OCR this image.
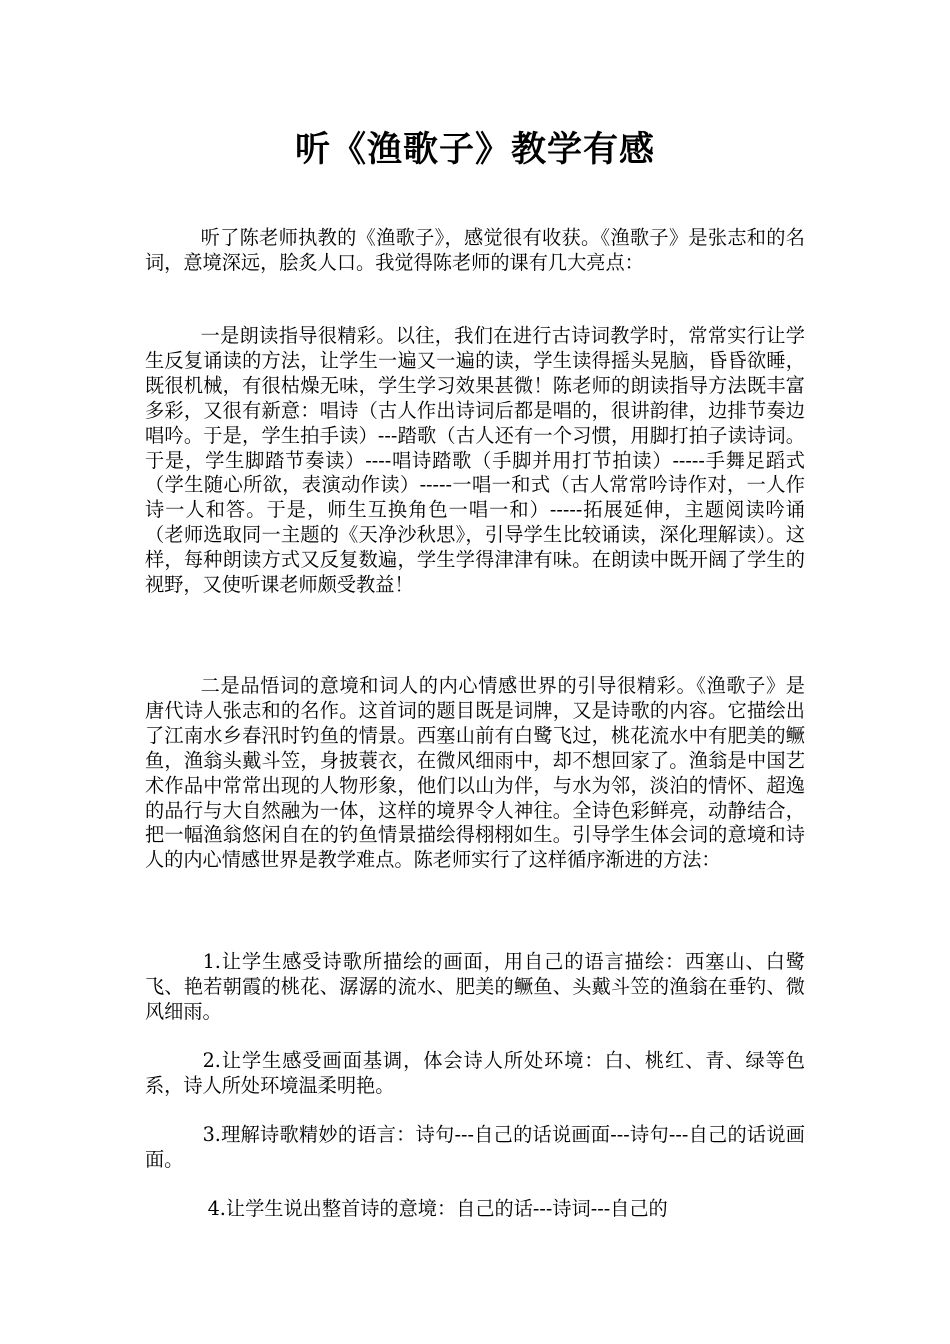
听《渔歌子》教学有感
听了陈老师执教的《渔歌子》，感觉很有收获。《渔歌子》是张志和的名词，意境深远，脍炙人口。我觉得陈老师的课有几大亮点：
一是朗读指导很精彩。以往，我们在进行古诗词教学时，常常实行让学生反复诵读的方法，让学生一遍又一遍的读，学生读得摇头晃脑，昏昏欲睡，既很机械，有很枯燥无味，学生学习效果甚微！陈老师的朗读指导方法既丰富多彩，又很有新意：唱诗（古人作出诗词后都是唱的，很讲韵律，边排节奏边唱吟。于是，学生拍手读）---踏歌（古人还有一个习惯，用脚打拍子读诗词。于是，学生脚踏节奏读）----唱诗踏歌（手脚并用打节拍读）-----手舞足蹈式（学生随心所欲，表演动作读）-----一唱一和式（古人常常吟诗作对，一人作诗一人和答。于是，师生互换角色一唱一和）-----拓展延伸，主题阅读吟诵（老师选取同一主题的《天净沙秋思》，引导学生比较诵读，深化理解读）。这样，每种朗读方式又反复数遍，学生学得津津有味。在朗读中既开阔了学生的视野，又使听课老师颇受教益！
二是品悟词的意境和词人的内心情感世界的引导很精彩。《渔歌子》是唐代诗人张志和的名作。这首词的题目既是词牌，又是诗歌的内容。它描绘出了江南水乡春汛时钓鱼的情景。西塞山前有白鹭飞过，桃花流水中有肥美的鳜鱼，渔翁头戴斗笠，身披蓑衣，在微风细雨中，却不想回家了。渔翁是中国艺术作品中常常出现的人物形象，他们以山为伴，与水为邻，淡泊的情怀、超逸的品行与大自然融为一体，这样的境界令人神往。全诗色彩鲜亮，动静结合，把一幅渔翁悠闲自在的钓鱼情景描绘得栩栩如生。引导学生体会词的意境和诗人的内心情感世界是教学难点。陈老师实行了这样循序渐进的方法：
1.让学生感受诗歌所描绘的画面，用自己的语言描绘：西塞山、白鹭飞、艳若朝霞的桃花、潺潺的流水、肥美的鳜鱼、头戴斗笠的渔翁在垂钓、微风细雨。
2.让学生感受画面基调，体会诗人所处环境：白、桃红、青、绿等色系，诗人所处环境温柔明艳。
3.理解诗歌精妙的语言：诗句---自己的话说画面---诗句---自己的话说画面。
4.让学生说出整首诗的意境：自己的话---诗词---自己的
